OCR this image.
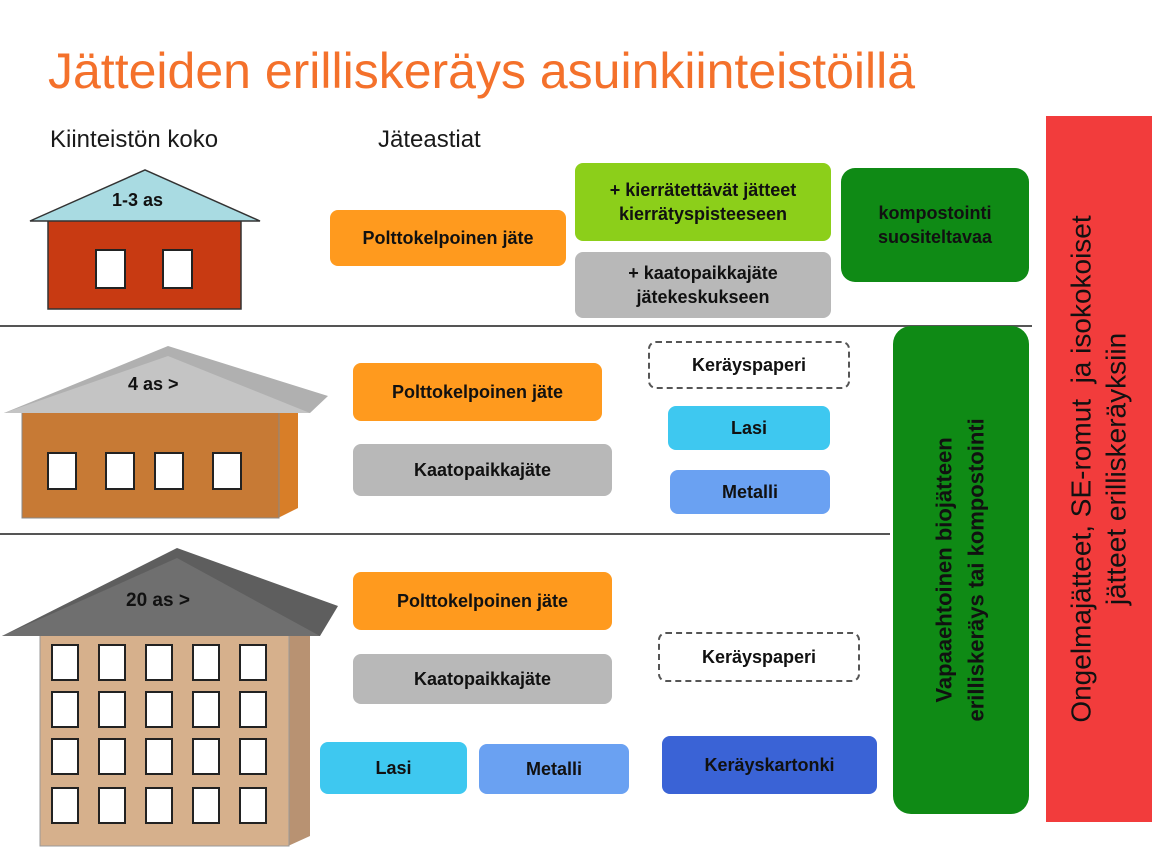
Jätteiden erilliskeräys asuinkiinteistöillä
Kiinteistön koko	Jäteastiat
1-3 as
4 as >
20 as >
Polttokelpoinen jäte
+ kierrätettävät jätteet
kierrätyspisteeseen
+ kaatopaikkajäte
jätekeskukseen
kompostointi
suositeltavaa
Polttokelpoinen jäte
Kaatopaikkajäte
Keräyspaperi
Lasi
Metalli
Polttokelpoinen jäte
Kaatopaikkajäte
Keräyspaperi
Lasi	Metalli	Keräyskartonki
Vapaaehtoinen biojätteen erilliskeräys tai kompostointi	Ongelmajätteet, SE-romut  ja isokokoiset jätteet erilliskeräyksiin
